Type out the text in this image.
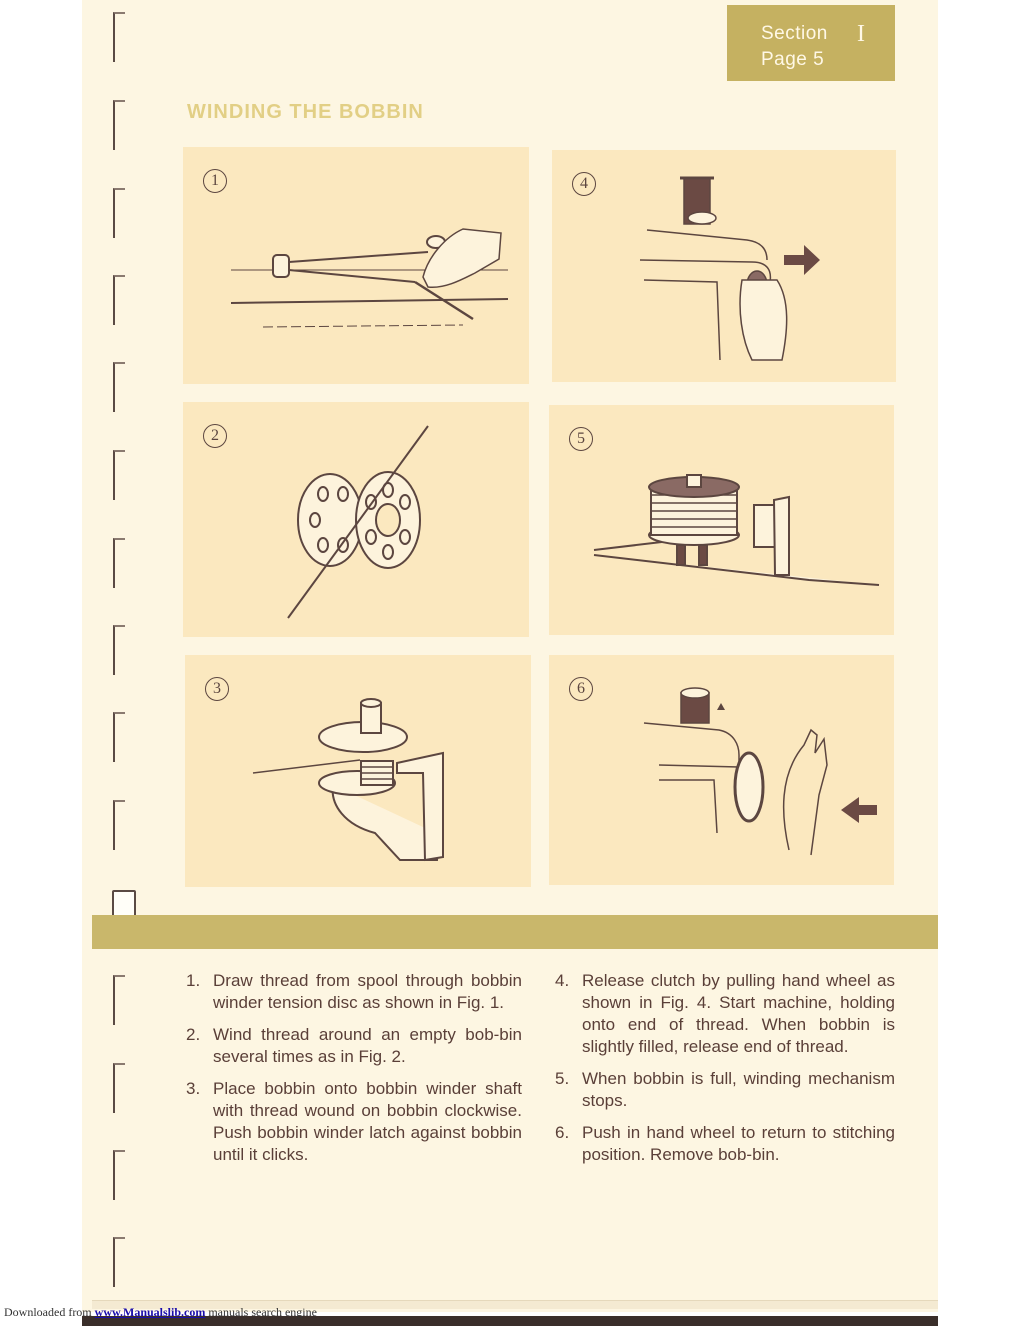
Section I
Page 5
WINDING THE BOBBIN
1	4
2	5
3	6
1. Draw thread from spool through bobbin winder tension disc as shown in Fig. 1.
2. Wind thread around an empty bob-bin several times as in Fig. 2.
3. Place bobbin onto bobbin winder shaft with thread wound on bobbin clockwise. Push bobbin winder latch against bobbin until it clicks.
4. Release clutch by pulling hand wheel as shown in Fig. 4. Start machine, holding onto end of thread. When bobbin is slightly filled, release end of thread.
5. When bobbin is full, winding mechanism stops.
6. Push in hand wheel to return to stitching position. Remove bob-bin.
Downloaded from www.Manualslib.com manuals search engine
